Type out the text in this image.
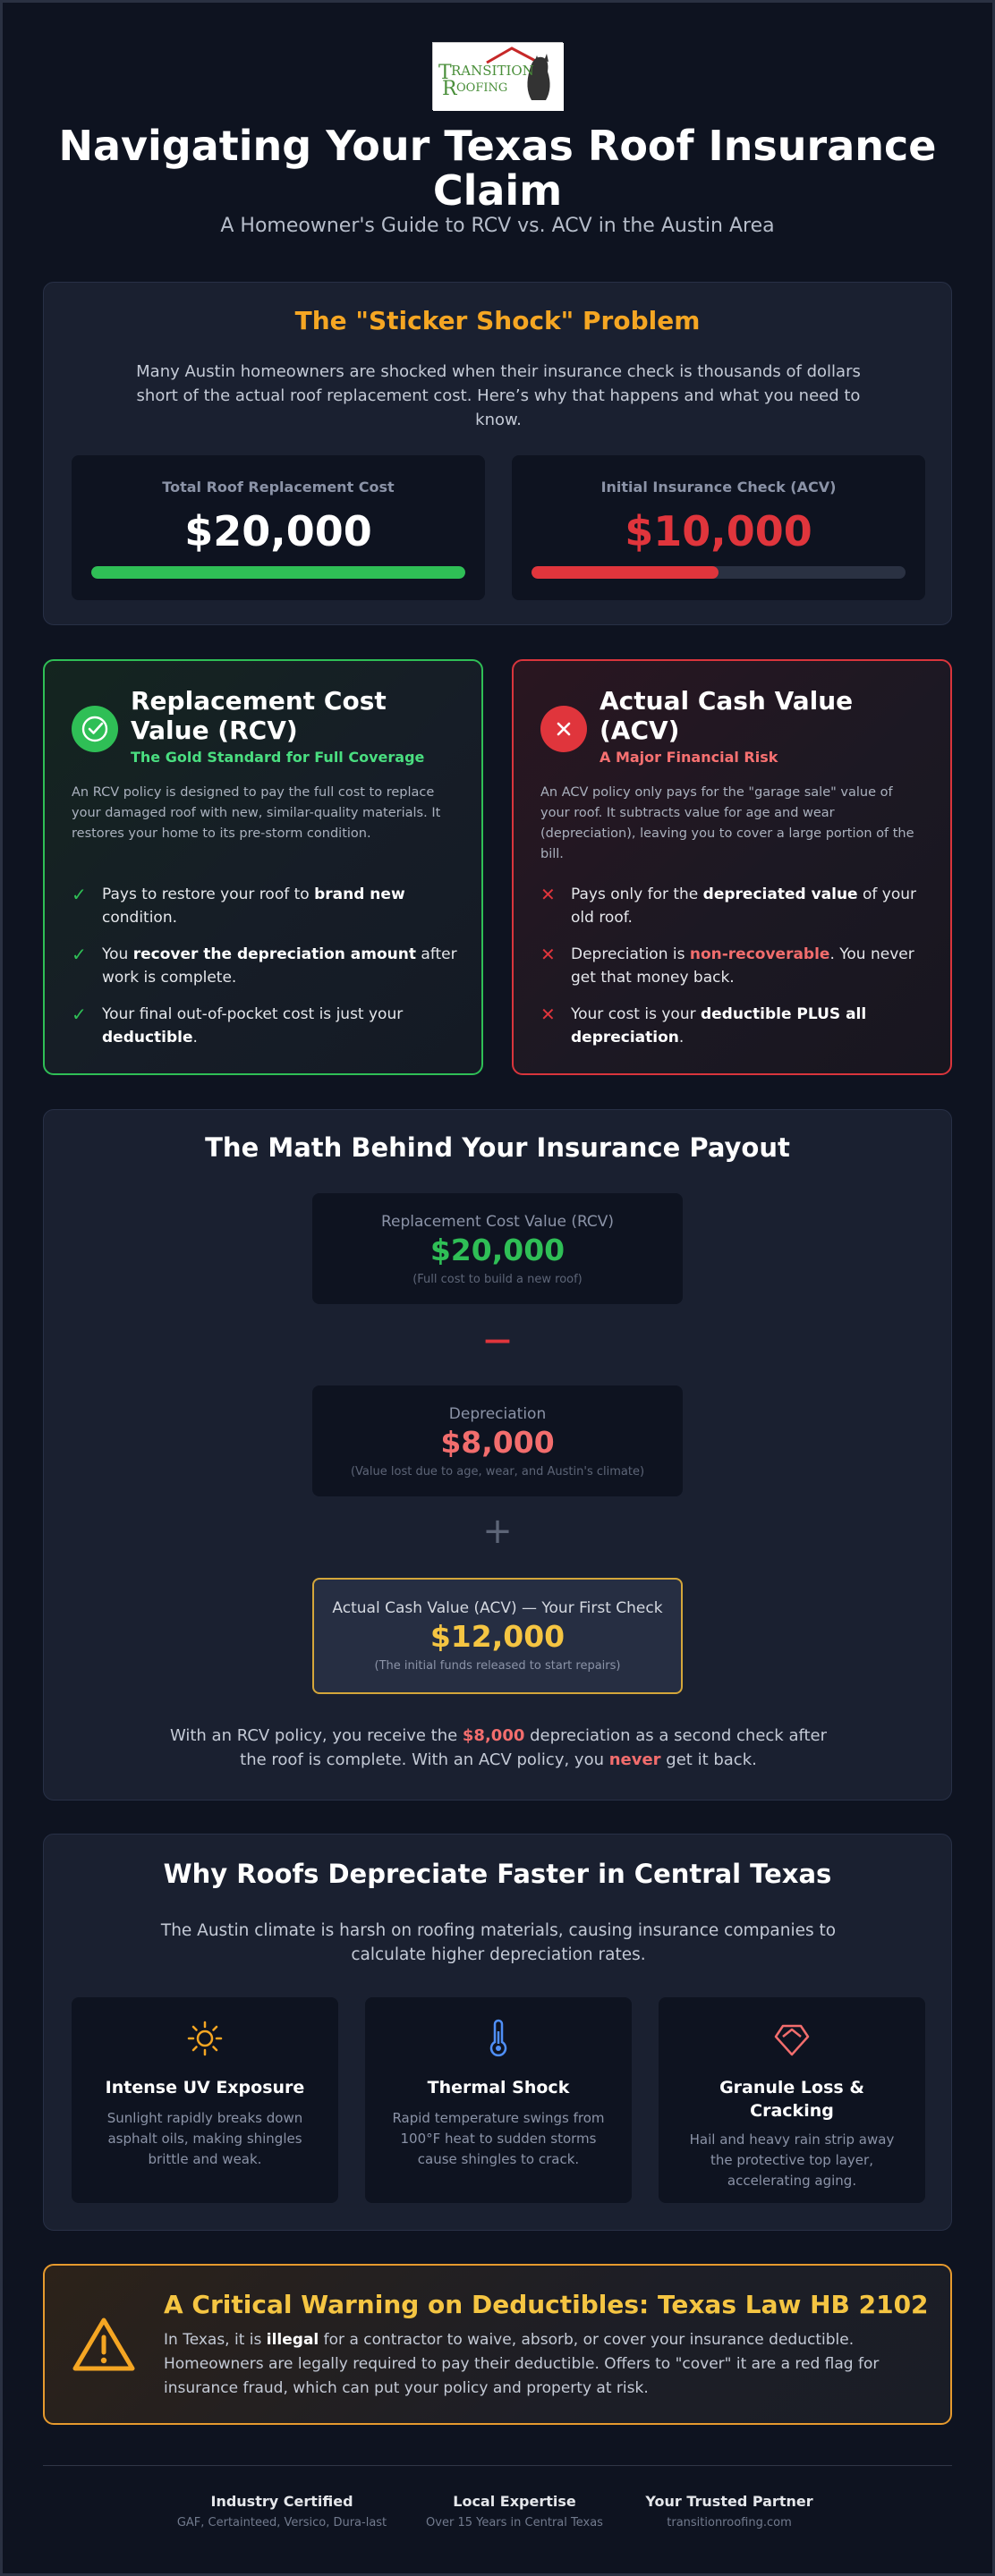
T RANSITION
R OOFING
Navigating Your Texas Roof Insurance Claim
A Homeowner's Guide to RCV vs. ACV in the Austin Area
The "Sticker Shock" Problem
Many Austin homeowners are shocked when their insurance check is thousands of dollars short of the actual roof replacement cost. Here’s why that happens and what you need to know.
Total Roof Replacement Cost
$20,000
Initial Insurance Check (ACV)
$10,000
Replacement Cost Value (RCV)
The Gold Standard for Full Coverage
An RCV policy is designed to pay the full cost to replace your damaged roof with new, similar-quality materials. It restores your home to its pre-storm condition.
✓ Pays to restore your roof to brand new condition.
✓ You recover the depreciation amount after work is complete.
✓ Your final out-of-pocket cost is just your deductible.
Actual Cash Value (ACV)
A Major Financial Risk
An ACV policy only pays for the "garage sale" value of your roof. It subtracts value for age and wear (depreciation), leaving you to cover a large portion of the bill.
✕ Pays only for the depreciated value of your old roof.
✕ Depreciation is non-recoverable. You never get that money back.
✕ Your cost is your deductible PLUS all depreciation.
The Math Behind Your Insurance Payout
Replacement Cost Value (RCV)
$20,000
(Full cost to build a new roof)
—
Depreciation
$8,000
(Value lost due to age, wear, and Austin's climate)
+
Actual Cash Value (ACV) — Your First Check
$12,000
(The initial funds released to start repairs)
With an RCV policy, you receive the $8,000 depreciation as a second check after the roof is complete. With an ACV policy, you never get it back.
Why Roofs Depreciate Faster in Central Texas
The Austin climate is harsh on roofing materials, causing insurance companies to calculate higher depreciation rates.
Intense UV Exposure
Sunlight rapidly breaks down asphalt oils, making shingles brittle and weak.
Thermal Shock
Rapid temperature swings from 100°F heat to sudden storms cause shingles to crack.
Granule Loss & Cracking
Hail and heavy rain strip away the protective top layer, accelerating aging.
A Critical Warning on Deductibles: Texas Law HB 2102
In Texas, it is illegal for a contractor to waive, absorb, or cover your insurance deductible. Homeowners are legally required to pay their deductible. Offers to "cover" it are a red flag for insurance fraud, which can put your policy and property at risk.
Industry Certified
GAF, Certainteed, Versico, Dura-last
Local Expertise
Over 15 Years in Central Texas
Your Trusted Partner
transitionroofing.com
